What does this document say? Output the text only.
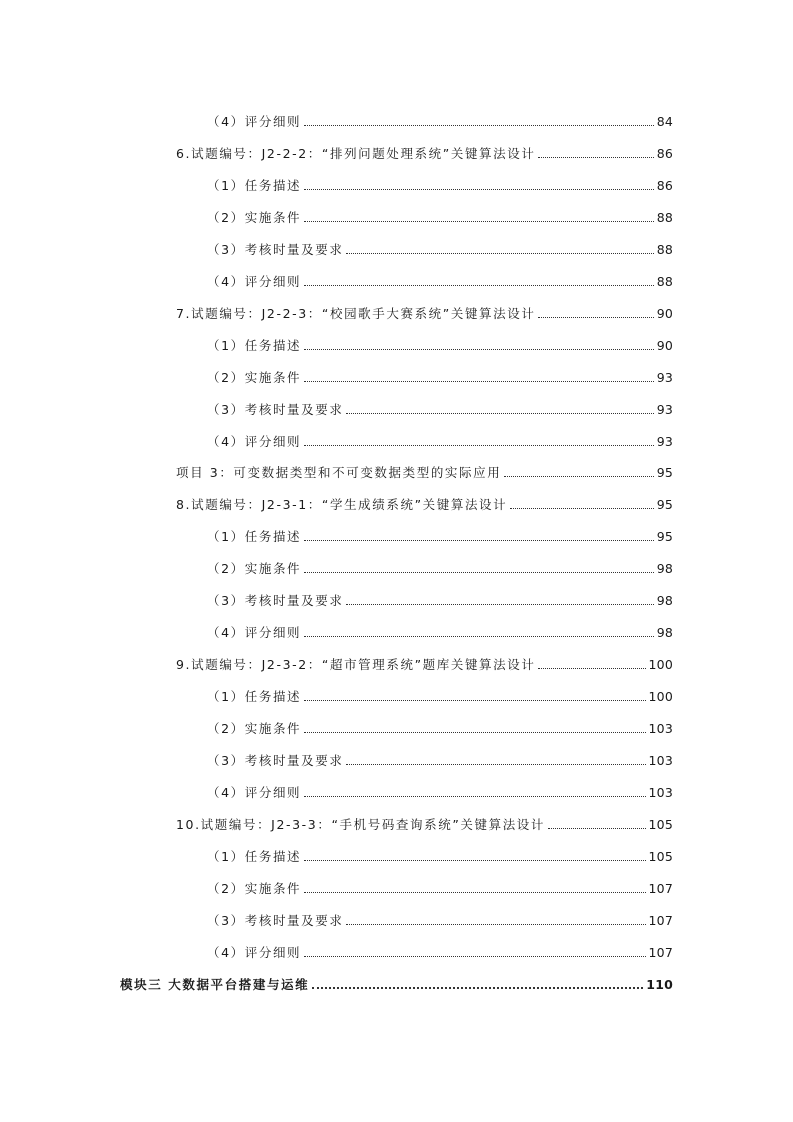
（4）评分细则	84
6.试题编号：J2-2-2：“排列问题处理系统”关键算法设计	86
（1）任务描述	86
（2）实施条件	88
（3）考核时量及要求	88
（4）评分细则	88
7.试题编号：J2-2-3：“校园歌手大赛系统”关键算法设计	90
（1）任务描述	90
（2）实施条件	93
（3）考核时量及要求	93
（4）评分细则	93
项目 3：可变数据类型和不可变数据类型的实际应用	95
8.试题编号：J2-3-1：“学生成绩系统”关键算法设计	95
（1）任务描述	95
（2）实施条件	98
（3）考核时量及要求	98
（4）评分细则	98
9.试题编号：J2-3-2：“超市管理系统”题库关键算法设计	100
（1）任务描述	100
（2）实施条件	103
（3）考核时量及要求	103
（4）评分细则	103
10.试题编号：J2-3-3：“手机号码查询系统”关键算法设计	105
（1）任务描述	105
（2）实施条件	107
（3）考核时量及要求	107
（4）评分细则	107
模块三 大数据平台搭建与运维	110
